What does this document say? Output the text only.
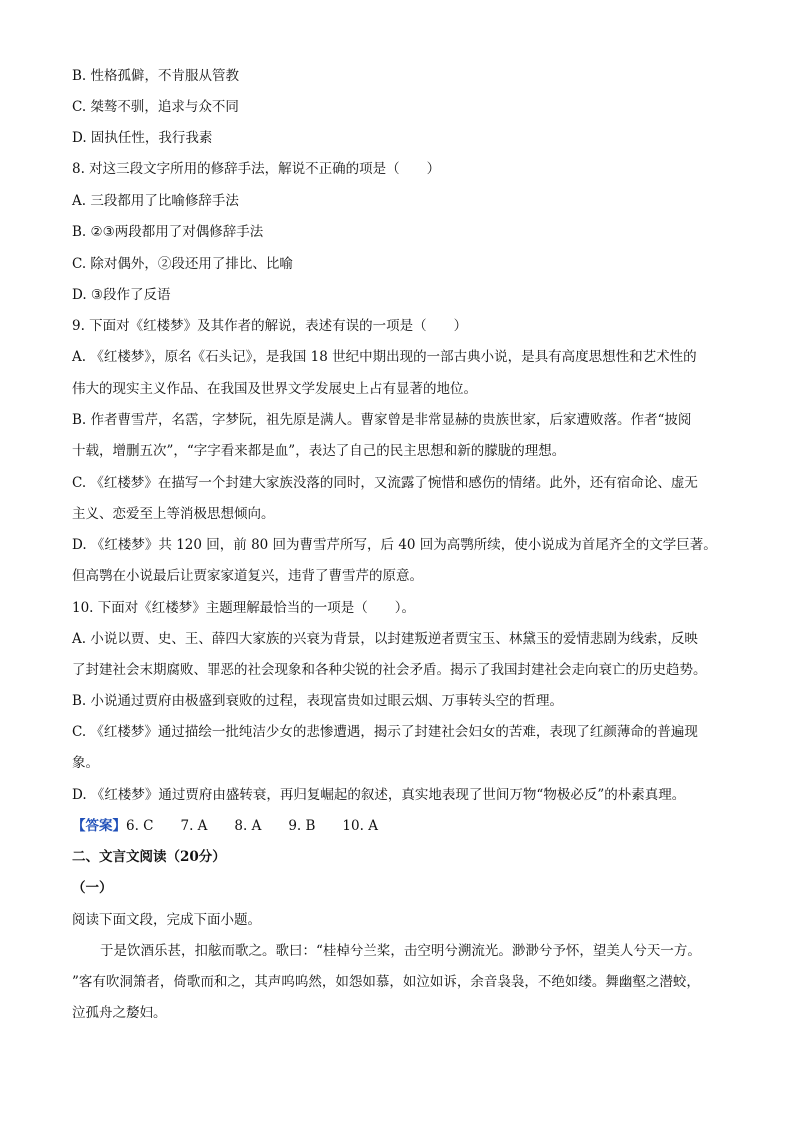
B. 性格孤僻，不肯服从管教
C. 桀骜不驯，追求与众不同
D. 固执任性，我行我素
8. 对这三段文字所用的修辞手法，解说不正确的项是（　　）
A. 三段都用了比喻修辞手法
B. ②③两段都用了对偶修辞手法
C. 除对偶外，②段还用了排比、比喻
D. ③段作了反语
9. 下面对《红楼梦》及其作者的解说，表述有误的一项是（　　）
A. 《红楼梦》，原名《石头记》，是我国 18 世纪中期出现的一部古典小说，是具有高度思想性和艺术性的
伟大的现实主义作品、在我国及世界文学发展史上占有显著的地位。
B. 作者曹雪芹，名霑，字梦阮，祖先原是满人。曹家曾是非常显赫的贵族世家，后家遭败落。作者“披阅
十载，增删五次”，“字字看来都是血”，表达了自己的民主思想和新的朦胧的理想。
C. 《红楼梦》在描写一个封建大家族没落的同时，又流露了惋惜和感伤的情绪。此外，还有宿命论、虚无
主义、恋爱至上等消极思想倾向。
D. 《红楼梦》共 120 回，前 80 回为曹雪芹所写，后 40 回为高鹗所续，使小说成为首尾齐全的文学巨著。
但高鹗在小说最后让贾家家道复兴，违背了曹雪芹的原意。
10. 下面对《红楼梦》主题理解最恰当的一项是（　　）。
A. 小说以贾、史、王、薛四大家族的兴衰为背景，以封建叛逆者贾宝玉、林黛玉的爱情悲剧为线索，反映
了封建社会末期腐败、罪恶的社会现象和各种尖锐的社会矛盾。揭示了我国封建社会走向衰亡的历史趋势。
B. 小说通过贾府由极盛到衰败的过程，表现富贵如过眼云烟、万事转头空的哲理。
C. 《红楼梦》通过描绘一批纯洁少女的悲惨遭遇，揭示了封建社会妇女的苦难，表现了红颜薄命的普遍现
象。
D. 《红楼梦》通过贾府由盛转衰，再归复崛起的叙述，真实地表现了世间万物“物极必反”的朴素真理。
【答案】6. C　　7. A　　8. A　　9. B　　10. A
二、文言文阅读（20分）
（一）
阅读下面文段，完成下面小题。
于是饮酒乐甚，扣舷而歌之。歌曰：“桂棹兮兰桨，击空明兮溯流光。渺渺兮予怀，望美人兮天一方。
”客有吹洞箫者，倚歌而和之，其声呜呜然，如怨如慕，如泣如诉，余音袅袅，不绝如缕。舞幽壑之潜蛟，
泣孤舟之嫠妇。
